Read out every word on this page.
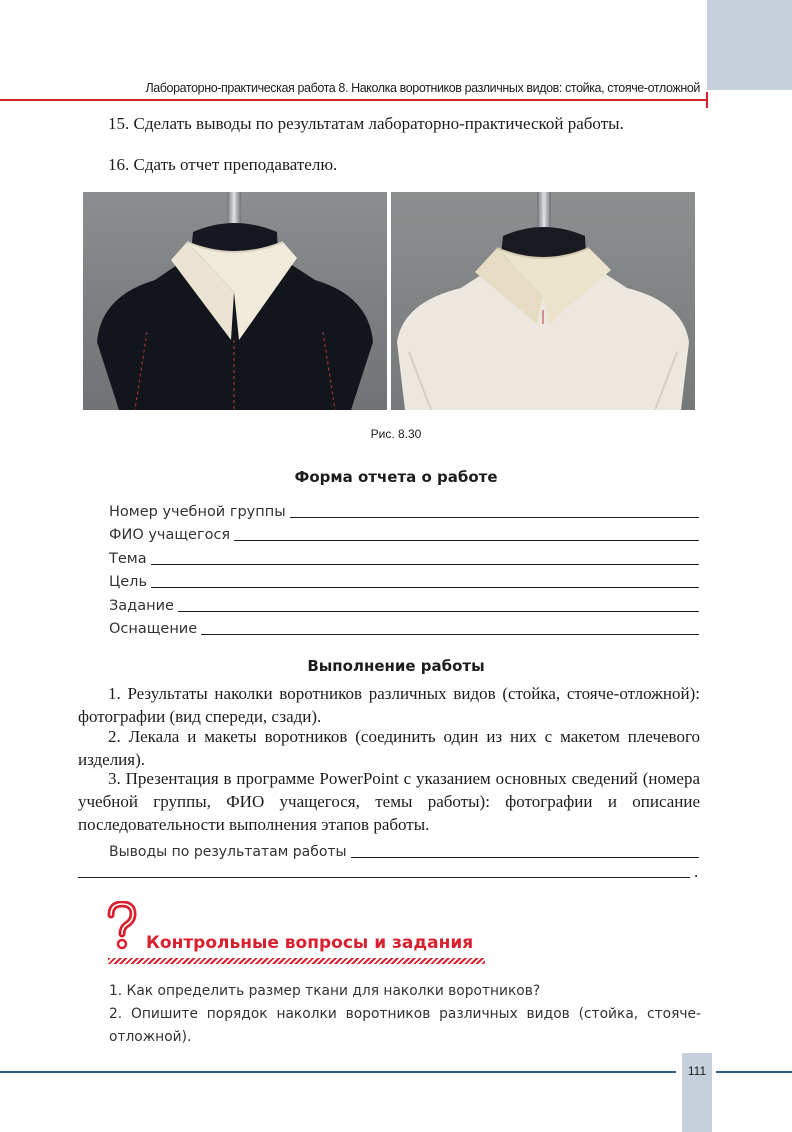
Лабораторно-практическая работа 8. Наколка воротников различных видов: стойка, стояче-отложной

15. Сделать выводы по результатам лабораторно-практической работы.

16. Сдать отчет преподавателю.

Рис. 8.30

Форма отчета о работе

Номер учебной группы
ФИО учащегося
Тема
Цель
Задание
Оснащение

Выполнение работы

1. Результаты наколки воротников различных видов (стойка, стояче-отложной): фотографии (вид спереди, сзади).

2. Лекала и макеты воротников (соединить один из них с макетом плечевого изделия).

3. Презентация в программе PowerPoint с указанием основных сведений (номера учебной группы, ФИО учащегося, темы работы): фотографии и описание последовательности выполнения этапов работы.

Выводы по результатам работы
.

Контрольные вопросы и задания

1. Как определить размер ткани для наколки воротников?

2. Опишите порядок наколки воротников различных видов (стойка, стояче-отложной).

111
